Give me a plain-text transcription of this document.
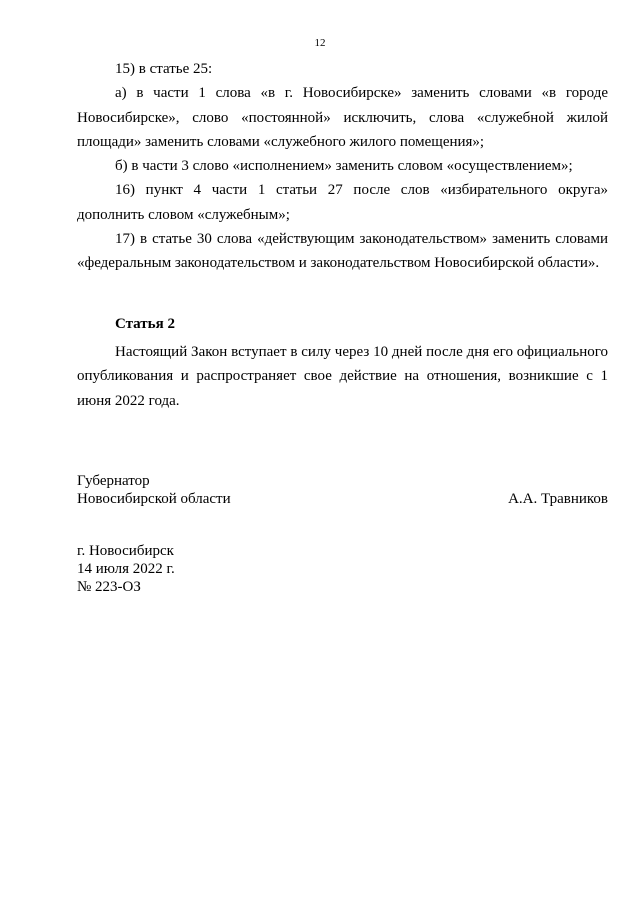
12

15) в статье 25:

а) в части 1 слова «в г. Новосибирске» заменить словами «в городе Новосибирске», слово «постоянной» исключить, слова «служебной жилой площади» заменить словами «служебного жилого помещения»;

б) в части 3 слово «исполнением» заменить словом «осуществлением»;

16) пункт 4 части 1 статьи 27 после слов «избирательного округа» дополнить словом «служебным»;

17) в статье 30 слова «действующим законодательством» заменить словами «федеральным законодательством и законодательством Новосибирской области».

Статья 2

Настоящий Закон вступает в силу через 10 дней после дня его официального опубликования и распространяет свое действие на отношения, возникшие с 1 июня 2022 года.

Губернатор
Новосибирской области	А.А. Травников
г. Новосибирск
14 июля 2022 г.
№ 223-ОЗ
